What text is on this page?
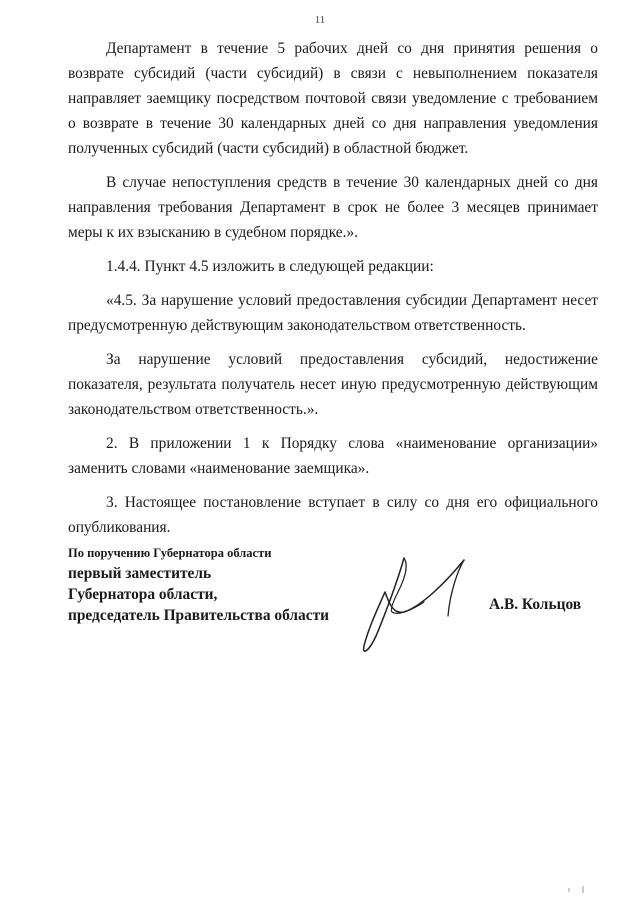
11

Департамент в течение 5 рабочих дней со дня принятия решения о возврате субсидий (части субсидий) в связи с невыполнением показателя направляет заемщику посредством почтовой связи уведомление с требованием о возврате в течение 30 календарных дней со дня направления уведомления полученных субсидий (части субсидий) в областной бюджет.

В случае непоступления средств в течение 30 календарных дней со дня направления требования Департамент в срок не более 3 месяцев принимает меры к их взысканию в судебном порядке.».

1.4.4. Пункт 4.5 изложить в следующей редакции:

«4.5. За нарушение условий предоставления субсидии Департамент несет предусмотренную действующим законодательством ответственность.

За нарушение условий предоставления субсидий, недостижение показателя, результата получатель несет иную предусмотренную действующим законодательством ответственность.».

2. В приложении 1 к Порядку слова «наименование организации» заменить словами «наименование заемщика».

3. Настоящее постановление вступает в силу со дня его официального опубликования.

По поручению Губернатора области
первый заместитель
Губернатора области,
председатель Правительства области
А.В. Кольцов
